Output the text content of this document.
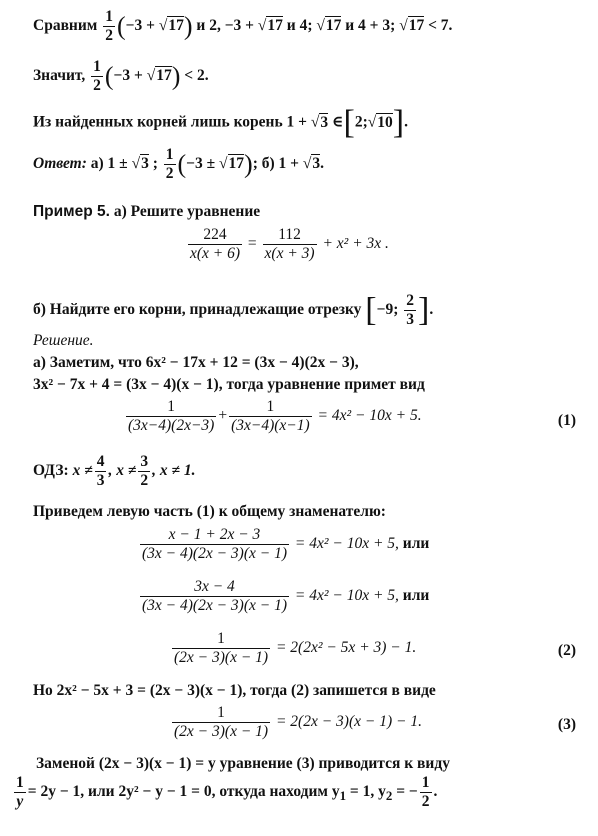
Сравним $\frac{1}{2} (-3 + √17)$ и 2, −3 + √17 и 4; √17 и 4 + 3; √17 < 7.
Значит, $\frac{1}{2} (-3 + √17) < 2$.
Из найденных корней лишь корень 1 + √3 ∈[2;√10].
Ответ: а) 1 ± √3 ; $\frac{1}{2} (-3 \pm √17)$; б) 1 + √3.
Пример 5. а) Решите уравнение
$\frac{224}{x(x + 6)} = \frac{112}{x(x + 3)} + x^2 + 3x$ .
б) Найдите его корни, принадлежащие отрезку [−9; $\frac{2}{3}$ ].
Решение.
а) Заметим, что 6x² − 17x + 12 = (3x − 4)(2x − 3),
3x² − 7x + 4 = (3x − 4)(x − 1), тогда уравнение примет вид
$\frac{1}{(3x-4)(2x-3)} + \frac{1}{(3x-4)(x-1)} = 4x^2 - 10x + 5$.	(1)
ОДЗ: $x \ne \frac{4}{3}$ , $x \ne \frac{3}{2}$ , x ≠ 1.
Приведем левую часть (1) к общему знаменателю:
$\frac{x - 1 + 2x - 3}{(3x - 4)(2x - 3)(x - 1)} = 4x^2 - 10x + 5$, или
$\frac{3x - 4}{(3x - 4)(2x - 3)(x - 1)} = 4x^2 - 10x + 5$, или
$\frac{1}{(2x - 3)(x - 1)} = 2(2x^2 - 5x + 3) - 1$.	(2)
Но 2x² − 5x + 3 = (2x − 3)(x − 1), тогда (2) запишется в виде
$\frac{1}{(2x - 3)(x - 1)} = 2(2x - 3)(x - 1) - 1$.	(3)
Заменой (2x − 3)(x − 1) = y уравнение (3) приводится к виду
$\frac{1}{y} = 2y - 1$, или 2y² − y − 1 = 0, откуда находим $y_1 = 1$, $y_2$ = − $\frac{1}{2}$ .
